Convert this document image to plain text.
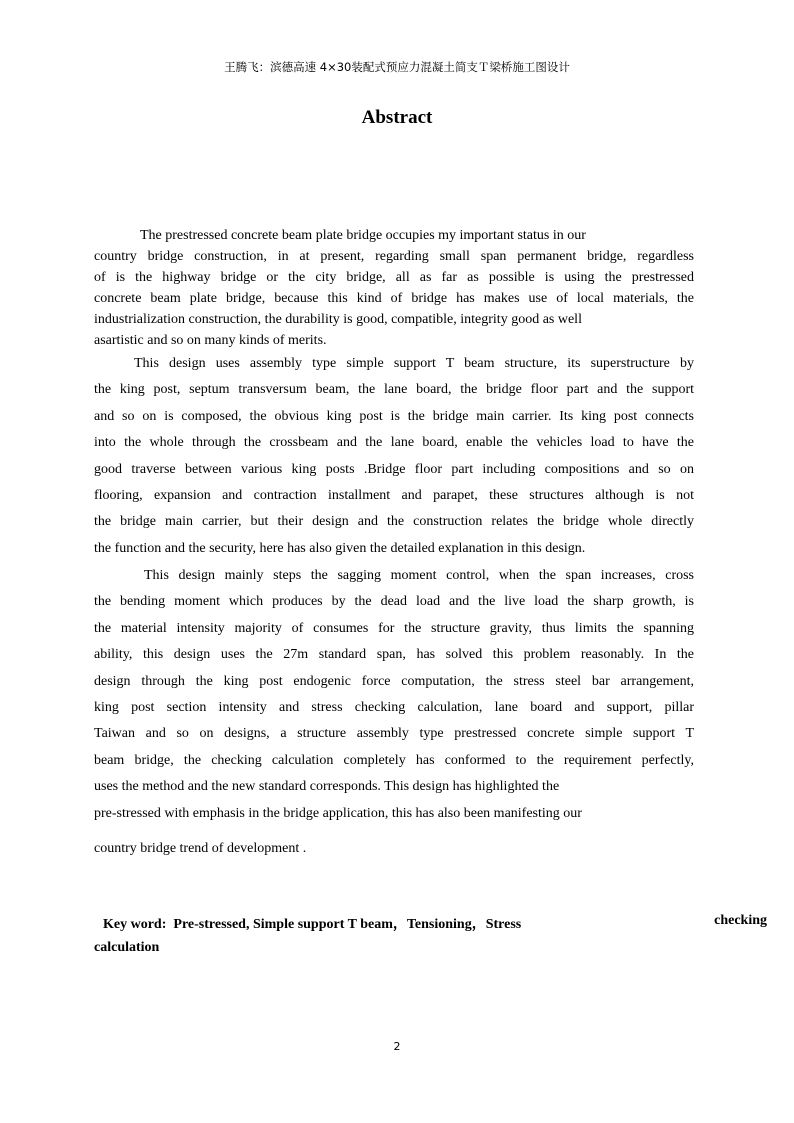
王腾飞：滨德高速 4×30装配式预应力混凝土简支Ｔ梁桥施工图设计
Abstract
The prestressed concrete beam plate bridge occupies my important status in our
country bridge construction, in at present, regarding small span permanent bridge, regardless
of is the highway bridge or the city bridge, all as far as possible is using the prestressed
concrete beam plate bridge, because this kind of bridge has makes use of local materials, the
industrialization construction, the durability is good, compatible, integrity good as well
asartistic and so on many kinds of merits.
This design uses assembly type simple support T beam structure, its superstructure by
the king post, septum transversum beam, the lane board, the bridge floor part and the support
and so on is composed, the obvious king post is the bridge main carrier. Its king post connects
into the whole through the crossbeam and the lane board, enable the vehicles load to have the
good traverse between various king posts .Bridge floor part including compositions and so on
flooring, expansion and contraction installment and parapet, these structures although is not
the bridge main carrier, but their design and the construction relates the bridge whole directly
the function and the security, here has also given the detailed explanation in this design.
This design mainly steps the sagging moment control, when the span increases, cross
the bending moment which produces by the dead load and the live load the sharp growth, is
the material intensity majority of consumes for the structure gravity, thus limits the spanning
ability, this design uses the 27m standard span, has solved this problem reasonably. In the
design through the king post endogenic force computation, the stress steel bar arrangement,
king post section intensity and stress checking calculation, lane board and support, pillar
Taiwan and so on designs, a structure assembly type prestressed concrete simple support T
beam bridge, the checking calculation completely has conformed to the requirement perfectly,
uses the method and the new standard corresponds. This design has highlighted the
pre-stressed with emphasis in the bridge application, this has also been manifesting our
country bridge trend of development .
Key word: Pre-stressed, Simple support T beam，Tensioning，Stress	checking
calculation
2
